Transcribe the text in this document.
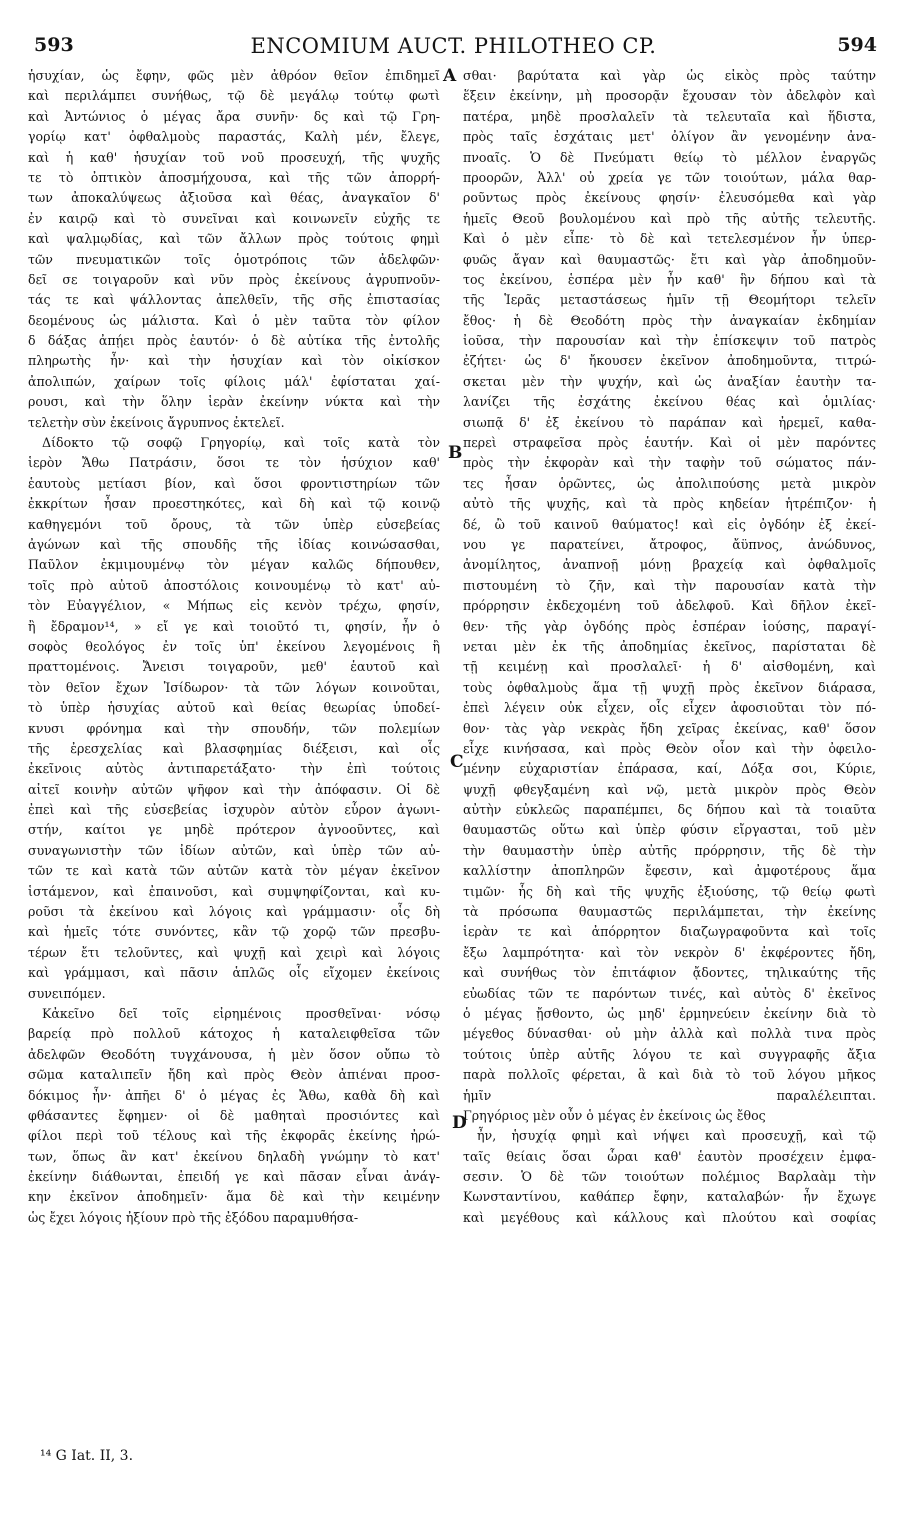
593	ENCOMIUM AUCT. PHILOTHEO CP.	594
ἡσυχίαν, ὡς ἔφην, φῶς μὲν ἀθρόον θεῖον ἐπιδημεῖ
καὶ περιλάμπει συνήθως, τῷ δὲ μεγάλῳ τούτῳ φωτὶ
καὶ Ἀντώνιος ὁ μέγας ἄρα συνῆν· δς καὶ τῷ Γρη-
γορίῳ κατ' ὀφθαλμοὺς παραστάς, Καλὴ μέν, ἔλεγε,
καὶ ἡ καθ' ἡσυχίαν τοῦ νοῦ προσευχή, τῆς ψυχῆς
τε τὸ ὀπτικὸν ἀποσμήχουσα, καὶ τῆς τῶν ἀπορρή-
των ἀποκαλύψεως ἀξιοῦσα καὶ θέας, ἀναγκαῖον δ'
ἐν καιρῷ καὶ τὸ συνεῖναι καὶ κοινωνεῖν εὐχῆς τε
καὶ ψαλμῳδίας, καὶ τῶν ἄλλων πρὸς τούτοις φημὶ
τῶν πνευματικῶν τοῖς ὁμοτρόποις τῶν ἀδελφῶν·
δεῖ σε τοιγαροῦν καὶ νῦν πρὸς ἐκείνους ἀγρυπνοῦν-
τάς τε καὶ ψάλλοντας ἀπελθεῖν, τῆς σῆς ἐπιστασίας
δεομένους ὡς μάλιστα. Καὶ ὁ μὲν ταῦτα τὸν φίλον
δ δάξας ἀπῄει πρὸς ἑαυτόν· ὁ δὲ αὐτίκα τῆς ἐντολῆς
πληρωτὴς ἦν· καὶ τὴν ἡσυχίαν καὶ τὸν οἰκίσκον
ἀπολιπών, χαίρων τοῖς φίλοις μάλ' ἐφίσταται χαί-
ρουσι, καὶ τὴν ὅλην ἱερὰν ἐκείνην νύκτα καὶ τὴν
τελετὴν σὺν ἐκείνοις ἄγρυπνος ἐκτελεῖ.
Δίδοκτο τῷ σοφῷ Γρηγορίῳ, καὶ τοῖς κατὰ τὸν
ἱερὸν Ἄθω Πατράσιν, ὅσοι τε τὸν ἡσύχιον καθ'
ἑαυτοὺς μετίασι βίον, καὶ ὅσοι φροντιστηρίων τῶν
ἐκκρίτων ἦσαν προεστηκότες, καὶ δὴ καὶ τῷ κοινῷ
καθηγεμόνι τοῦ ὄρους, τὰ τῶν ὑπὲρ εὐσεβείας
ἀγώνων καὶ τῆς σπουδῆς τῆς ἰδίας κοινώσασθαι,
Παῦλον ἐκμιμουμένῳ τὸν μέγαν καλῶς δήπουθεν,
τοῖς πρὸ αὐτοῦ ἀποστόλοις κοινουμένῳ τὸ κατ' αὐ-
τὸν Εὐαγγέλιον, « Μήπως εἰς κενὸν τρέχω, φησίν,
ἢ ἔδραμον¹⁴, » εἴ γε καὶ τοιοῦτό τι, φησίν, ἦν ὁ
σοφὸς θεολόγος ἐν τοῖς ὑπ' ἐκείνου λεγομένοις ἢ
πραττομένοις. Ἄνεισι τοιγαροῦν, μεθ' ἑαυτοῦ καὶ
τὸν θεῖον ἔχων Ἰσίδωρον· τὰ τῶν λόγων κοινοῦται,
τὸ ὑπὲρ ἡσυχίας αὐτοῦ καὶ θείας θεωρίας ὑποδεί-
κνυσι φρόνημα καὶ τὴν σπουδήν, τῶν πολεμίων
τῆς ἐρεσχελίας καὶ βλασφημίας διέξεισι, καὶ οἷς
ἐκεῖνοις αὐτὸς ἀντιπαρετάξατο· τὴν ἐπὶ τούτοις
αἰτεῖ κοινὴν αὐτῶν ψῆφον καὶ τὴν ἀπόφασιν. Οἱ δὲ
ἐπεὶ καὶ τῆς εὐσεβείας ἰσχυρὸν αὐτὸν εὗρον ἀγωνι-
στήν, καίτοι γε μηδὲ πρότερον ἀγνοοῦντες, καὶ
συναγωνιστὴν τῶν ἰδίων αὐτῶν, καὶ ὑπὲρ τῶν αὐ-
τῶν τε καὶ κατὰ τῶν αὐτῶν κατὰ τὸν μέγαν ἐκεῖνον
ἱστάμενον, καὶ ἐπαινοῦσι, καὶ συμψηφίζονται, καὶ κυ-
ροῦσι τὰ ἐκείνου καὶ λόγοις καὶ γράμμασιν· οἷς δὴ
καὶ ἡμεῖς τότε συνόντες, κἂν τῷ χορῷ τῶν πρεσβυ-
τέρων ἔτι τελοῦντες, καὶ ψυχῇ καὶ χειρὶ καὶ λόγοις
καὶ γράμμασι, καὶ πᾶσιν ἁπλῶς οἷς εἴχομεν ἐκείνοις
συνειπόμεν.
Κἀκεῖνο δεῖ τοῖς εἰρημένοις προσθεῖναι· νόσῳ
βαρείᾳ πρὸ πολλοῦ κάτοχος ἡ καταλειφθεῖσα τῶν
ἀδελφῶν Θεοδότη τυγχάνουσα, ἡ μὲν ὅσον οὔπω τὸ
σῶμα καταλιπεῖν ἤδη καὶ πρὸς Θεὸν ἀπιέναι προσ-
δόκιμος ἦν· ἀπῆει δ' ὁ μέγας ἐς Ἄθω, καθὰ δὴ καὶ
φθάσαντες ἔφημεν· οἱ δὲ μαθηταὶ προσιόντες καὶ
φίλοι περὶ τοῦ τέλους καὶ τῆς ἐκφορᾶς ἐκείνης ἠρώ-
των, ὅπως ἂν κατ' ἐκείνου δηλαδὴ γνώμην τὸ κατ'
ἐκείνην διάθωνται, ἐπειδή γε καὶ πᾶσαν εἶναι ἀνάγ-
κην ἐκεῖνον ἀποδημεῖν· ἅμα δὲ καὶ τὴν κειμένην
ὡς ἔχει λόγοις ἠξίουν πρὸ τῆς ἐξόδου παραμυθήσα-
σθαι· βαρύτατα καὶ γὰρ ὡς εἰκὸς πρὸς ταύτην
ἕξειν ἐκείνην, μὴ προσορᾷν ἔχουσαν τὸν ἀδελφὸν καὶ
πατέρα, μηδὲ προσλαλεῖν τὰ τελευταῖα καὶ ἥδιστα,
πρὸς ταῖς ἐσχάταις μετ' ὀλίγον ἂν γενομένην ἀνα-
πνοαῖς. Ὁ δὲ Πνεύματι θείῳ τὸ μέλλον ἐναργῶς
προορῶν, Ἀλλ' οὐ χρεία γε τῶν τοιούτων, μάλα θαρ-
ροῦντως πρὸς ἐκείνους φησίν· ἐλευσόμεθα καὶ γὰρ
ἡμεῖς Θεοῦ βουλομένου καὶ πρὸ τῆς αὐτῆς τελευτῆς.
Καὶ ὁ μὲν εἶπε· τὸ δὲ καὶ τετελεσμένον ἦν ὑπερ-
φυῶς ἄγαν καὶ θαυμαστῶς· ἔτι καὶ γὰρ ἀποδημοῦν-
τος ἐκείνου, ἑσπέρα μὲν ἦν καθ' ἣν δήπου καὶ τὰ
τῆς Ἱερᾶς μεταστάσεως ἡμῖν τῇ Θεομήτορι τελεῖν
ἔθος· ἡ δὲ Θεοδότη πρὸς τὴν ἀναγκαίαν ἐκδημίαν
ἰοῦσα, τὴν παρουσίαν καὶ τὴν ἐπίσκεψιν τοῦ πατρὸς
ἐζήτει· ὡς δ' ἤκουσεν ἐκεῖνον ἀποδημοῦντα, τιτρώ-
σκεται μὲν τὴν ψυχήν, καὶ ὡς ἀναξίαν ἑαυτὴν τα-
λανίζει τῆς ἐσχάτης ἐκείνου θέας καὶ ὁμιλίας·
σιωπᾷ δ' ἐξ ἐκείνου τὸ παράπαν καὶ ἠρεμεῖ, καθα-
περεὶ στραφεῖσα πρὸς ἑαυτήν. Καὶ οἱ μὲν παρόντες
πρὸς τὴν ἐκφορὰν καὶ τὴν ταφὴν τοῦ σώματος πάν-
τες ἦσαν ὁρῶντες, ὡς ἀπολιπούσης μετὰ μικρὸν
αὐτὸ τῆς ψυχῆς, καὶ τὰ πρὸς κηδείαν ἡτρέπιζον· ἡ
δέ, ὢ τοῦ καινοῦ θαύματος! καὶ εἰς ὀγδόην ἐξ ἐκεί-
νου γε παρατείνει, ἄτροφος, ἄϋπνος, ἀνώδυνος,
ἀνομίλητος, ἀναπνοῇ μόνῃ βραχείᾳ καὶ ὀφθαλμοῖς
πιστουμένη τὸ ζῆν, καὶ τὴν παρουσίαν κατὰ τὴν
πρόρρησιν ἐκδεχομένη τοῦ ἀδελφοῦ. Καὶ δῆλον ἐκεῖ-
θεν· τῆς γὰρ ὀγδόης πρὸς ἑσπέραν ἰούσης, παραγί-
νεται μὲν ἐκ τῆς ἀποδημίας ἐκεῖνος, παρίσταται δὲ
τῇ κειμένῃ καὶ προσλαλεῖ· ἡ δ' αἰσθομένη, καὶ
τοὺς ὀφθαλμοὺς ἅμα τῇ ψυχῇ πρὸς ἐκεῖνον διάρασα,
ἐπεὶ λέγειν οὐκ εἶχεν, οἷς εἶχεν ἀφοσιοῦται τὸν πό-
θον· τὰς γὰρ νεκρὰς ἤδη χεῖρας ἐκείνας, καθ' ὅσον
εἶχε κινήσασα, καὶ πρὸς Θεὸν οἷον καὶ τὴν ὀφειλο-
μένην εὐχαριστίαν ἐπάρασα, καί, Δόξα σοι, Κύριε,
ψυχῇ φθεγξαμένη καὶ νῷ, μετὰ μικρὸν πρὸς Θεὸν
αὐτὴν εὐκλεῶς παραπέμπει, δς δήπου καὶ τὰ τοιαῦτα
θαυμαστῶς οὕτω καὶ ὑπὲρ φύσιν εἴργασται, τοῦ μὲν
τὴν θαυμαστὴν ὑπὲρ αὐτῆς πρόρρησιν, τῆς δὲ τὴν
καλλίστην ἀποπληρῶν ἔφεσιν, καὶ ἀμφοτέρους ἅμα
τιμῶν· ἧς δὴ καὶ τῆς ψυχῆς ἐξιούσης, τῷ θείῳ φωτὶ
τὰ πρόσωπα θαυμαστῶς περιλάμπεται, τὴν ἐκείνης
ἱερὰν τε καὶ ἀπόρρητον διαζωγραφοῦντα καὶ τοῖς
ἔξω λαμπρότητα· καὶ τὸν νεκρὸν δ' ἐκφέροντες ἤδη,
καὶ συνήθως τὸν ἐπιτάφιον ᾄδοντες, τηλικαύτης τῆς
εὐωδίας τῶν τε παρόντων τινές, καὶ αὐτὸς δ' ἐκεῖνος
ὁ μέγας ᾔσθοντο, ὡς μηδ' ἑρμηνεύειν ἐκείνην διὰ τὸ
μέγεθος δύνασθαι· οὐ μὴν ἀλλὰ καὶ πολλὰ τινα πρὸς
τούτοις ὑπὲρ αὐτῆς λόγου τε καὶ συγγραφῆς ἄξια
παρὰ πολλοῖς φέρεται, ἃ καὶ διὰ τὸ τοῦ λόγου μῆκος
ἡμῖν παραλέλειπται.
Γρηγόριος μὲν οὖν ὁ μέγας ἐν ἐκείνοις ὡς ἔθος
ἦν, ἡσυχίᾳ φημὶ καὶ νήψει καὶ προσευχῇ, καὶ τῷ
ταῖς θείαις ὅσαι ὧραι καθ' ἑαυτὸν προσέχειν ἐμφα-
σεσιν. Ὁ δὲ τῶν τοιούτων πολέμιος Βαρλαὰμ τὴν
Κωνσταντίνου, καθάπερ ἔφην, καταλαβών· ἦν ἔχωγε
καὶ μεγέθους καὶ κάλλους καὶ πλούτου καὶ σοφίας
A
B
C
D
¹⁴ G Iat. II, 3.
